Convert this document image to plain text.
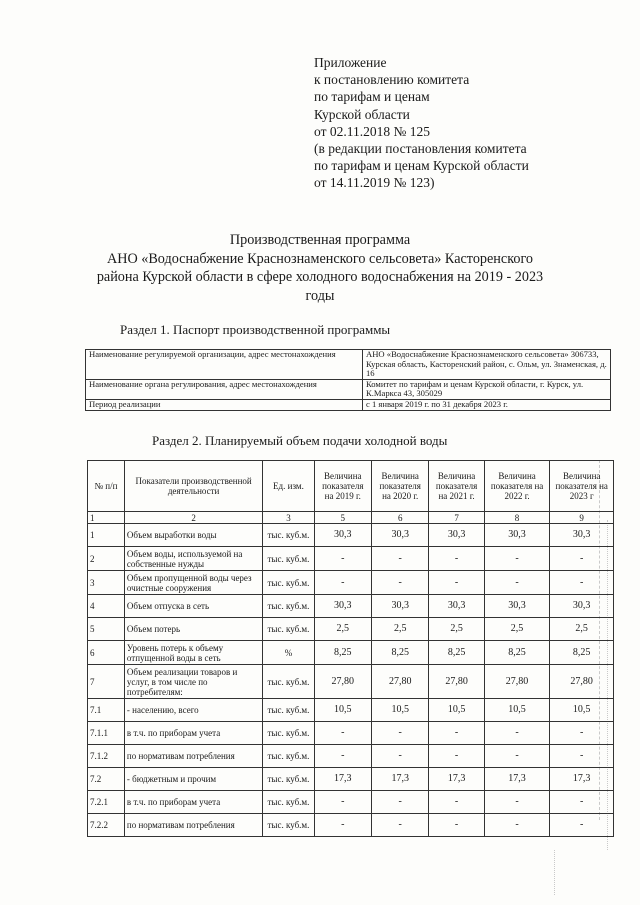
Приложение
к постановлению комитета
по тарифам и ценам
Курской области
от 02.11.2018 № 125
(в редакции постановления комитета
по тарифам и ценам Курской области
от 14.11.2019 № 123)
Производственная программа
АНО «Водоснабжение Краснознаменского сельсовета» Касторенского
района Курской области в сфере холодного водоснабжения на 2019 - 2023
годы
Раздел 1. Паспорт производственной программы
Наименование регулируемой организации, адрес местонахождения	АНО «Водоснабжение Краснознаменского сельсовета» 306733, Курская область, Касторенский район, с. Ольм, ул. Знаменская, д. 16
Наименование органа регулирования, адрес местонахождения	Комитет по тарифам и ценам Курской области, г. Курск, ул. К.Маркса 43, 305029
Период реализации	с 1 января 2019 г. по 31 декабря 2023 г.
Раздел 2. Планируемый объем подачи холодной воды
№ п/п	Показатели производственной деятельности	Ед. изм.	Величина показателя на 2019 г.	Величина показателя на 2020 г.	Величина показателя на 2021 г.	Величина показателя на 2022 г.	Величина показателя на 2023 г
1	2	3	5	6	7	8	9
1	Объем выработки воды	тыс. куб.м.	30,3	30,3	30,3	30,3	30,3
2	Объем воды, используемой на собственные нужды	тыс. куб.м.	-	-	-	-	-
3	Объем пропущенной воды через очистные сооружения	тыс. куб.м.	-	-	-	-	-
4	Объем отпуска в сеть	тыс. куб.м.	30,3	30,3	30,3	30,3	30,3
5	Объем потерь	тыс. куб.м.	2,5	2,5	2,5	2,5	2,5
6	Уровень потерь к объему отпущенной воды в сеть	%	8,25	8,25	8,25	8,25	8,25
7	Объем реализации товаров и услуг, в том числе по потребителям:	тыс. куб.м.	27,80	27,80	27,80	27,80	27,80
7.1	- населению, всего	тыс. куб.м.	10,5	10,5	10,5	10,5	10,5
7.1.1	в т.ч. по приборам учета	тыс. куб.м.	-	-	-	-	-
7.1.2	по нормативам потребления	тыс. куб.м.	-	-	-	-	-
7.2	- бюджетным и прочим	тыс. куб.м.	17,3	17,3	17,3	17,3	17,3
7.2.1	в т.ч. по приборам учета	тыс. куб.м.	-	-	-	-	-
7.2.2	по нормативам потребления	тыс. куб.м.	-	-	-	-	-
